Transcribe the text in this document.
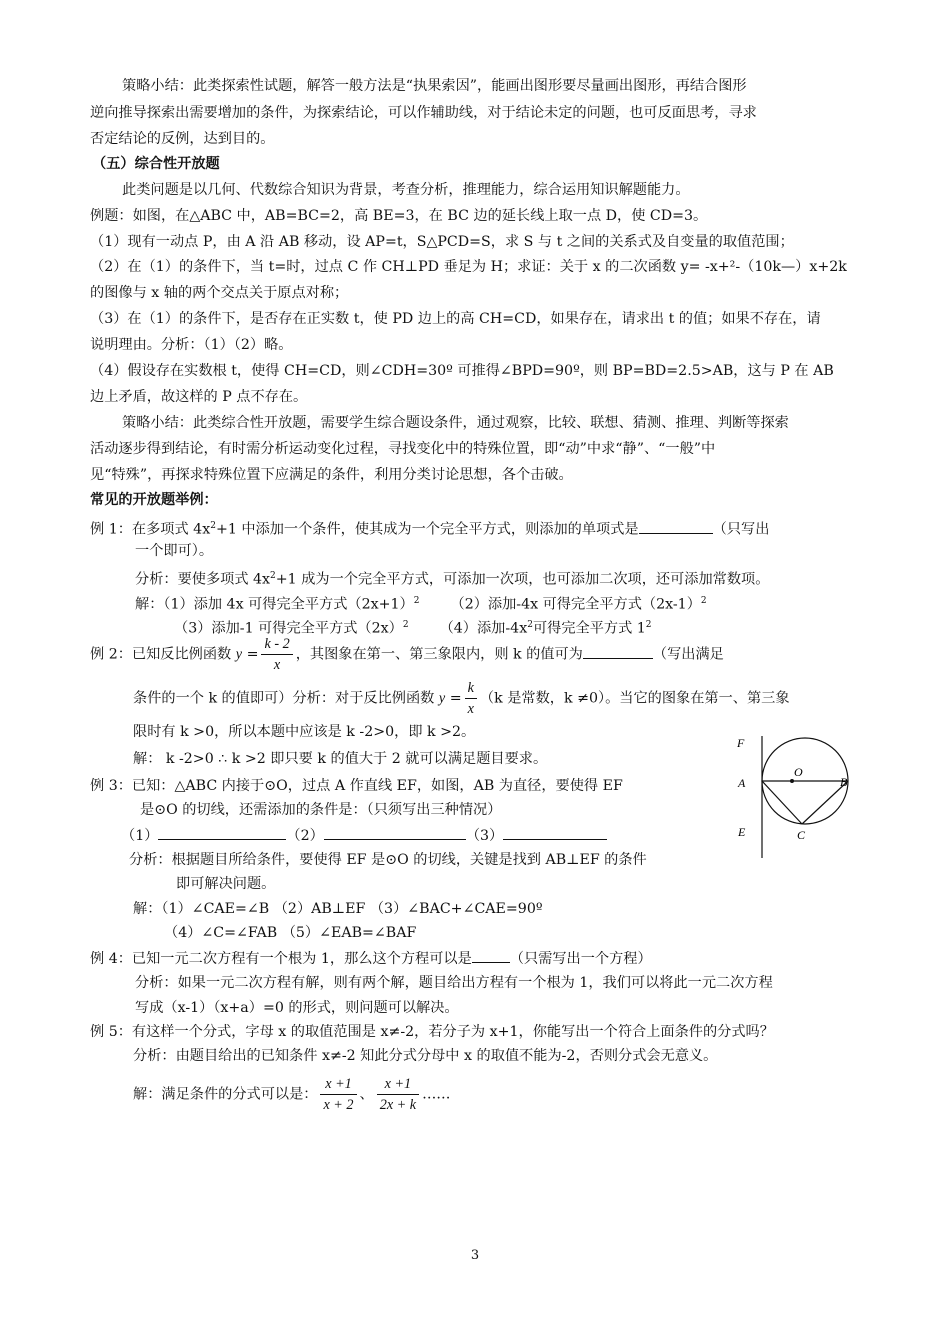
策略小结：此类探索性试题，解答一般方法是“执果索因”，能画出图形要尽量画出图形，再结合图形
逆向推导探索出需要增加的条件，为探索结论，可以作辅助线，对于结论未定的问题，也可反面思考，寻求
否定结论的反例，达到目的。
（五）综合性开放题
此类问题是以几何、代数综合知识为背景，考查分析，推理能力，综合运用知识解题能力。
例题：如图，在△ABC 中，AB=BC=2，高 BE=3，在 BC 边的延长线上取一点 D，使 CD=3。
（1）现有一动点 P，由 A 沿 AB 移动，设 AP=t，S△PCD=S，求 S 与 t 之间的关系式及自变量的取值范围；
（2）在（1）的条件下，当 t=时，过点 C 作 CH⊥PD 垂足为 H；求证：关于 x 的二次函数 y= -x+²-（10k—）x+2k
的图像与 x 轴的两个交点关于原点对称；
（3）在（1）的条件下，是否存在正实数 t，使 PD 边上的高 CH=CD，如果存在，请求出 t 的值；如果不存在，请
说明理由。分析：（1）（2）略。
（4）假设存在实数根 t，使得 CH=CD，则∠CDH=30º 可推得∠BPD=90º，则 BP=BD=2.5>AB，这与 P 在 AB
边上矛盾，故这样的 P 点不存在。
策略小结：此类综合性开放题，需要学生综合题设条件，通过观察，比较、联想、猜测、推理、判断等探索
活动逐步得到结论，有时需分析运动变化过程，寻找变化中的特殊位置，即“动”中求“静”、“一般”中
见“特殊”，再探求特殊位置下应满足的条件，利用分类讨论思想，各个击破。
常见的开放题举例：
例 1：在多项式 $4x^2+1$ 中添加一个条件，使其成为一个完全平方式，则添加的单项式是	（只写出
一个即可）。
分析：要使多项式 $4x^2+1$ 成为一个完全平方式，可添加一次项，也可添加二次项，还可添加常数项。
解：（1）添加 4x 可得完全平方式$(2x+1)^2$ （2）添加-4x 可得完全平方式$(2x-1)^2$
（3）添加-1 可得完全平方式$(2x)^2$ （4）添加$-4x^2$可得完全平方式 $1^2$
例 2：已知反比例函数 $y = \frac{k - 2}{x}$ ，其图象在第一、第三象限内，则 k 的值可为	（写出满足
条件的一个 k 的值即可）分析：对于反比例函数 $y = \frac{k}{x} (k$ 是常数，k ≠0）。当它的图象在第一、第三象
限时有 k >0，所以本题中应该是 k -2>0，即 k >2。
解： k -2>0 ∴ k >2 即只要 k 的值大于 2 就可以满足题目要求。
例 3：已知：△ABC 内接于⊙O，过点 A 作直线 EF，如图，AB 为直径，要使得 EF
是⊙O 的切线，还需添加的条件是：（只须写出三种情况）
（1）	（2）	（3）
分析：根据题目所给条件，要使得 EF 是⊙O 的切线，关键是找到 AB⊥EF 的条件
即可解决问题。
解：（1）∠CAE=∠B （2）AB⊥EF （3）∠BAC+∠CAE=90º
（4）∠C=∠FAB （5）∠EAB=∠BAF
F
A
E
O
B
C
例 4：已知一元二次方程有一个根为 1，那么这个方程可以是	（只需写出一个方程）
分析：如果一元二次方程有解，则有两个解，题目给出方程有一个根为 1，我们可以将此一元二次方程
写成（x-1）（x+a）=0 的形式，则问题可以解决。
例 5：有这样一个分式，字母 x 的取值范围是 x≠-2，若分子为 x+1，你能写出一个符合上面条件的分式吗？
分析：由题目给出的已知条件 x≠-2 知此分式分母中 x 的取值不能为-2，否则分式会无意义。
解：满足条件的分式可以是： $\frac{x +1}{x + 2}$ 、 $\frac{x +1}{2x + k}$ ……
3
